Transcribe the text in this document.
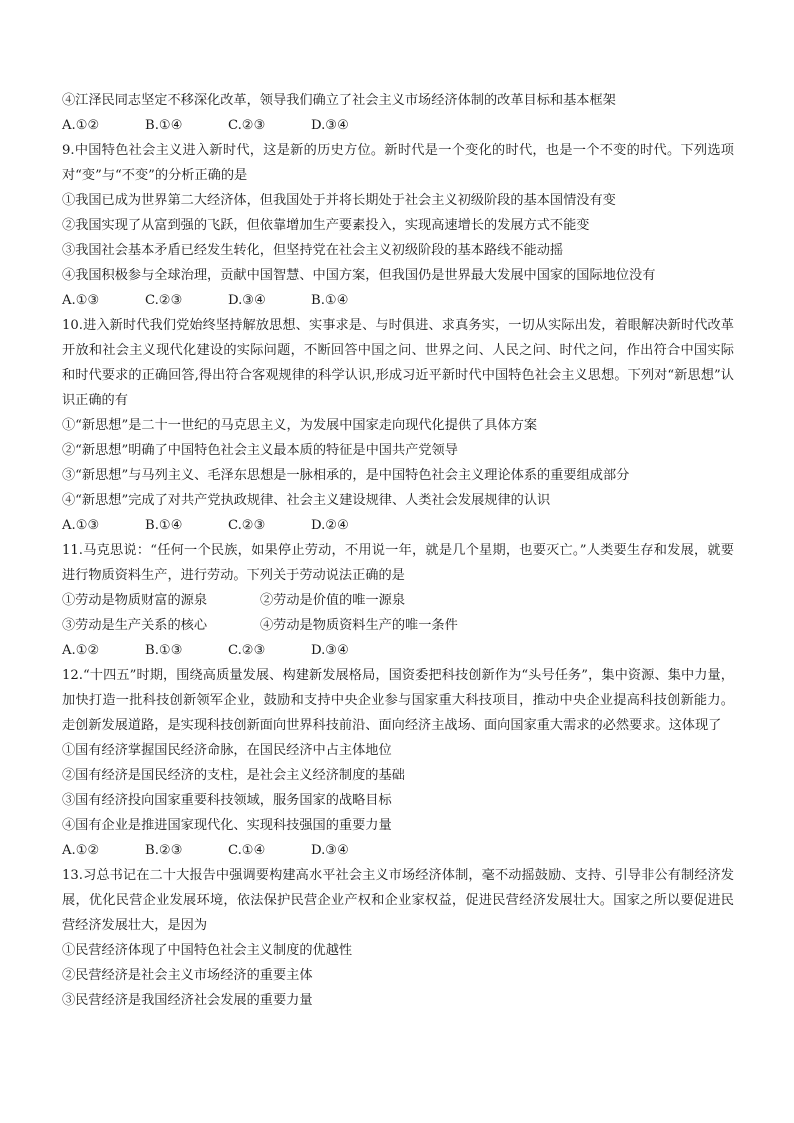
④江泽民同志坚定不移深化改革，领导我们确立了社会主义市场经济体制的改革目标和基本框架
A.①②	B.①④	C.②③	D.③④
9.中国特色社会主义进入新时代，这是新的历史方位。新时代是一个变化的时代，也是一个不变的时代。下列选项对“变”与“不变”的分析正确的是
①我国已成为世界第二大经济体，但我国处于并将长期处于社会主义初级阶段的基本国情没有变
②我国实现了从富到强的飞跃，但依靠增加生产要素投入，实现高速增长的发展方式不能变
③我国社会基本矛盾已经发生转化，但坚持党在社会主义初级阶段的基本路线不能动摇
④我国积极参与全球治理，贡献中国智慧、中国方案，但我国仍是世界最大发展中国家的国际地位没有
A.①③	C.②③	D.③④	B.①④
10.进入新时代我们党始终坚持解放思想、实事求是、与时俱进、求真务实，一切从实际出发，着眼解决新时代改革开放和社会主义现代化建设的实际问题，不断回答中国之问、世界之问、人民之问、时代之问，作出符合中国实际和时代要求的正确回答,得出符合客观规律的科学认识,形成习近平新时代中国特色社会主义思想。下列对“新思想”认识正确的有
①“新思想”是二十一世纪的马克思主义，为发展中国家走向现代化提供了具体方案
②“新思想”明确了中国特色社会主义最本质的特征是中国共产党领导
③“新思想”与马列主义、毛泽东思想是一脉相承的，是中国特色社会主义理论体系的重要组成部分
④“新思想”完成了对共产党执政规律、社会主义建设规律、人类社会发展规律的认识
A.①③	B.①④	C.②③	D.②④
11.马克思说：“任何一个民族，如果停止劳动，不用说一年，就是几个星期，也要灭亡。”人类要生存和发展，就要进行物质资料生产，进行劳动。下列关于劳动说法正确的是
①劳动是物质财富的源泉	②劳动是价值的唯一源泉
③劳动是生产关系的核心	④劳动是物质资料生产的唯一条件
A.①②	B.①③	C.②③	D.③④
12.“十四五”时期，围绕高质量发展、构建新发展格局，国资委把科技创新作为“头号任务”，集中资源、集中力量，加快打造一批科技创新领军企业，鼓励和支持中央企业参与国家重大科技项目，推动中央企业提高科技创新能力。走创新发展道路，是实现科技创新面向世界科技前沿、面向经济主战场、面向国家重大需求的必然要求。这体现了
①国有经济掌握国民经济命脉，在国民经济中占主体地位
②国有经济是国民经济的支柱，是社会主义经济制度的基础
③国有经济投向国家重要科技领域，服务国家的战略目标
④国有企业是推进国家现代化、实现科技强国的重要力量
A.①②	B.②③	C.①④	D.③④
13.习总书记在二十大报告中强调要构建高水平社会主义市场经济体制，毫不动摇鼓励、支持、引导非公有制经济发展，优化民营企业发展环境，依法保护民营企业产权和企业家权益，促进民营经济发展壮大。国家之所以要促进民营经济发展壮大，是因为
①民营经济体现了中国特色社会主义制度的优越性
②民营经济是社会主义市场经济的重要主体
③民营经济是我国经济社会发展的重要力量
